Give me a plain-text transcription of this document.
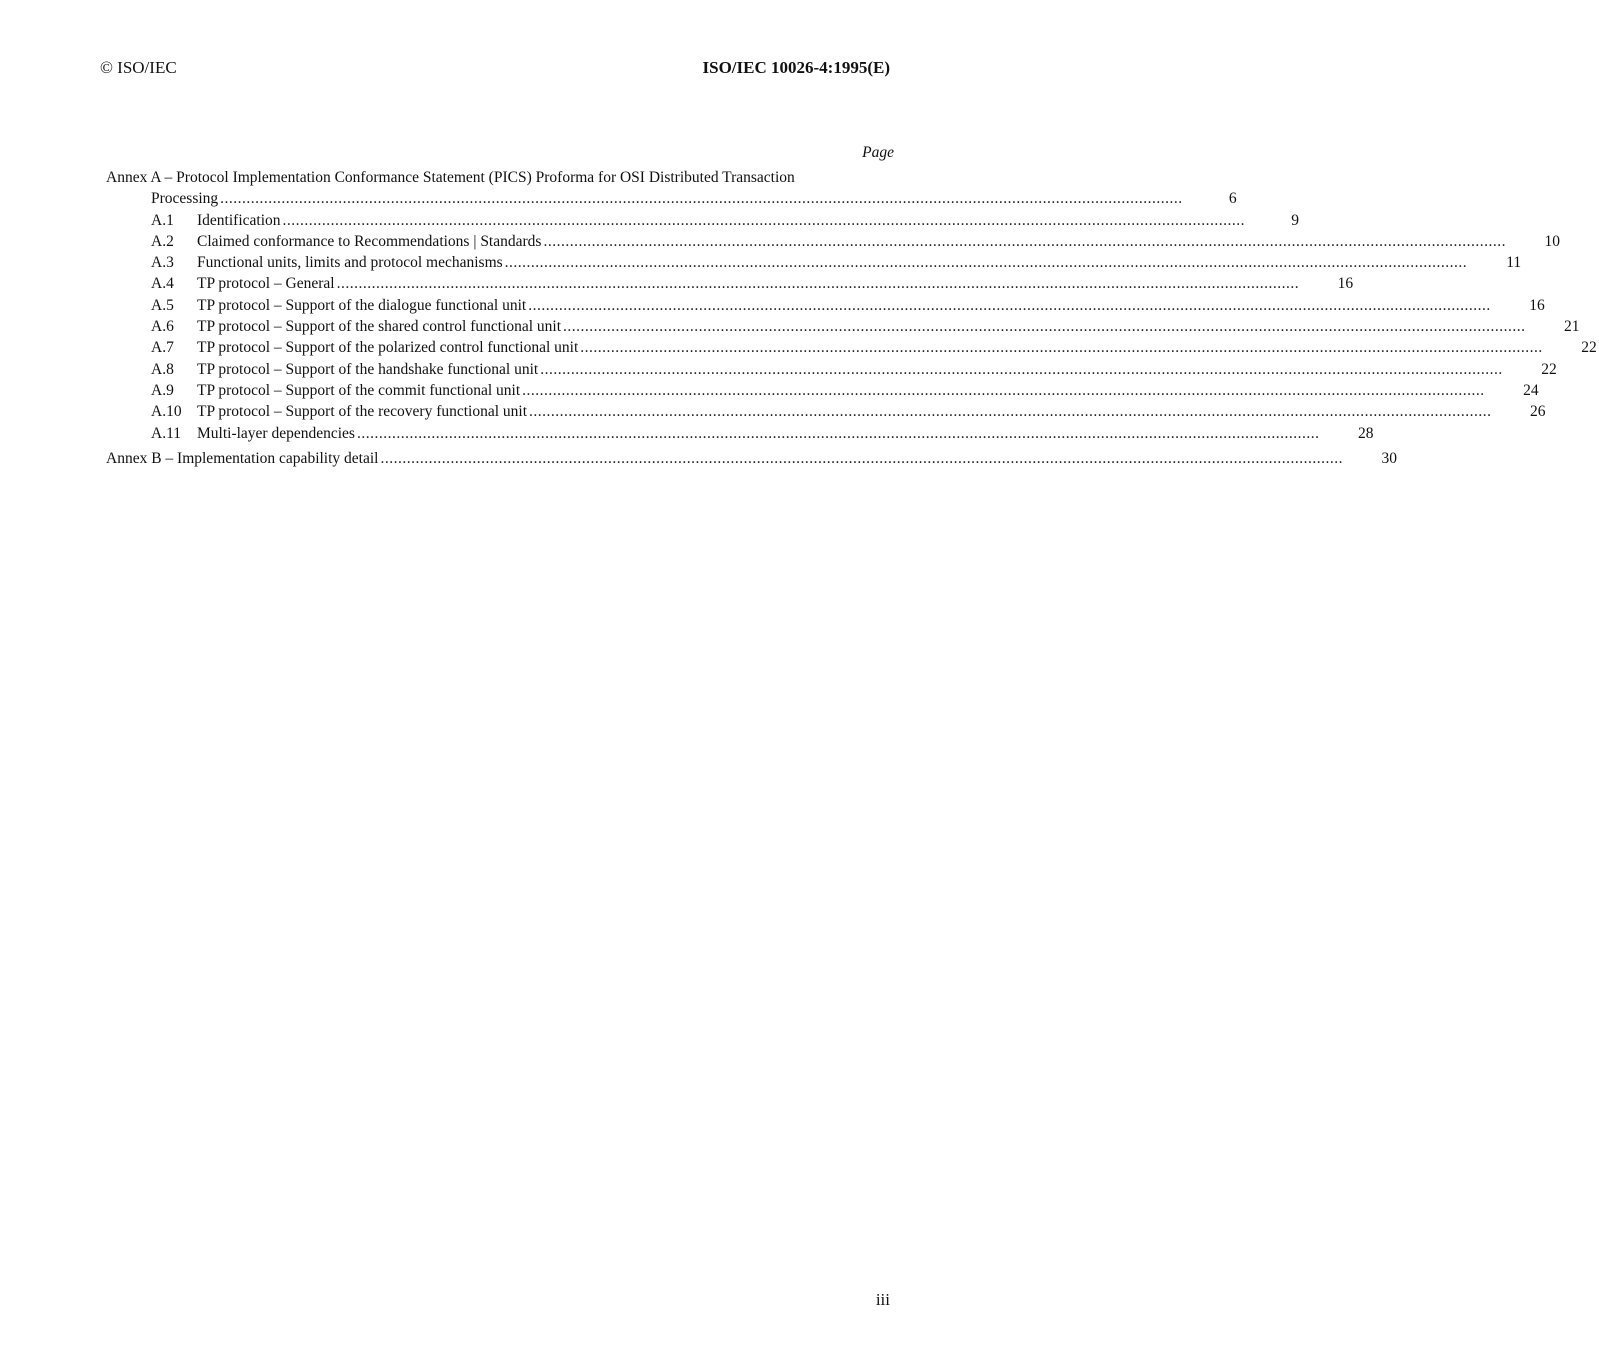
© ISO/IEC	ISO/IEC 10026-4:1995(E)
Page
Annex A – Protocol Implementation Conformance Statement (PICS) Proforma for OSI Distributed Transaction
Processing ............................................................................................................................................................................................................................	6
A.1 Identification ............................................................................................................................................................................................................................	9
A.2 Claimed conformance to Recommendations | Standards ............................................................................................................................................................................................................................	10
A.3 Functional units, limits and protocol mechanisms ............................................................................................................................................................................................................................	11
A.4 TP protocol – General ............................................................................................................................................................................................................................	16
A.5 TP protocol – Support of the dialogue functional unit ............................................................................................................................................................................................................................	16
A.6 TP protocol – Support of the shared control functional unit ............................................................................................................................................................................................................................	21
A.7 TP protocol – Support of the polarized control functional unit ............................................................................................................................................................................................................................	22
A.8 TP protocol – Support of the handshake functional unit ............................................................................................................................................................................................................................	22
A.9 TP protocol – Support of the commit functional unit ............................................................................................................................................................................................................................	24
A.10 TP protocol – Support of the recovery functional unit ............................................................................................................................................................................................................................	26
A.11 Multi-layer dependencies ............................................................................................................................................................................................................................	28
Annex B – Implementation capability detail ............................................................................................................................................................................................................................	30
iii
